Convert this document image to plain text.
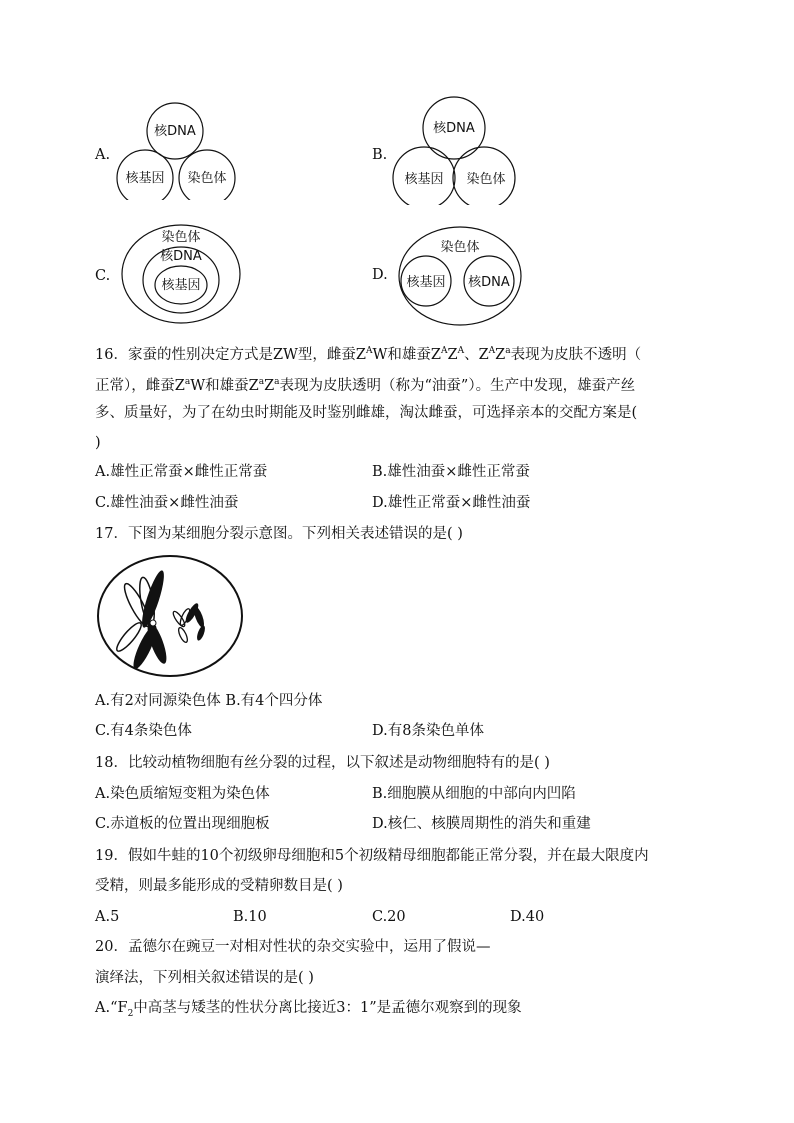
A.
核DNA
核基因 染色体
B.
核DNA
核基因 染色体
C.
染色体
核DNA
核基因
D.
染色体
核基因 核DNA
16．家蚕的性别决定方式是ZW型，雌蚕$Z^AW$和雄蚕$Z^AZ^A$、$Z^AZ^a$表现为皮肤不透明（
正常），雌蚕$Z^aW$和雄蚕$Z^aZ^a$表现为皮肤透明（称为“油蚕”）。生产中发现，雄蚕产丝
多、质量好，为了在幼虫时期能及时鉴别雌雄，淘汰雌蚕，可选择亲本的交配方案是(
)
A.雄性正常蚕×雌性正常蚕	B.雄性油蚕×雌性正常蚕
C.雄性油蚕×雌性油蚕	D.雄性正常蚕×雌性油蚕
17．下图为某细胞分裂示意图。下列相关表述错误的是( )
A.有2对同源染色体 B.有4个四分体
C.有4条染色体	D.有8条染色单体
18．比较动植物细胞有丝分裂的过程，以下叙述是动物细胞特有的是( )
A.染色质缩短变粗为染色体	B.细胞膜从细胞的中部向内凹陷
C.赤道板的位置出现细胞板	D.核仁、核膜周期性的消失和重建
19．假如牛蛙的10个初级卵母细胞和5个初级精母细胞都能正常分裂，并在最大限度内
受精，则最多能形成的受精卵数目是( )
A.5	B.10	C.20	D.40
20．孟德尔在豌豆一对相对性状的杂交实验中，运用了假说—
演绎法，下列相关叙述错误的是( )
$A.“F_2$中高茎与矮茎的性状分离比接近3：1”是孟德尔观察到的现象
